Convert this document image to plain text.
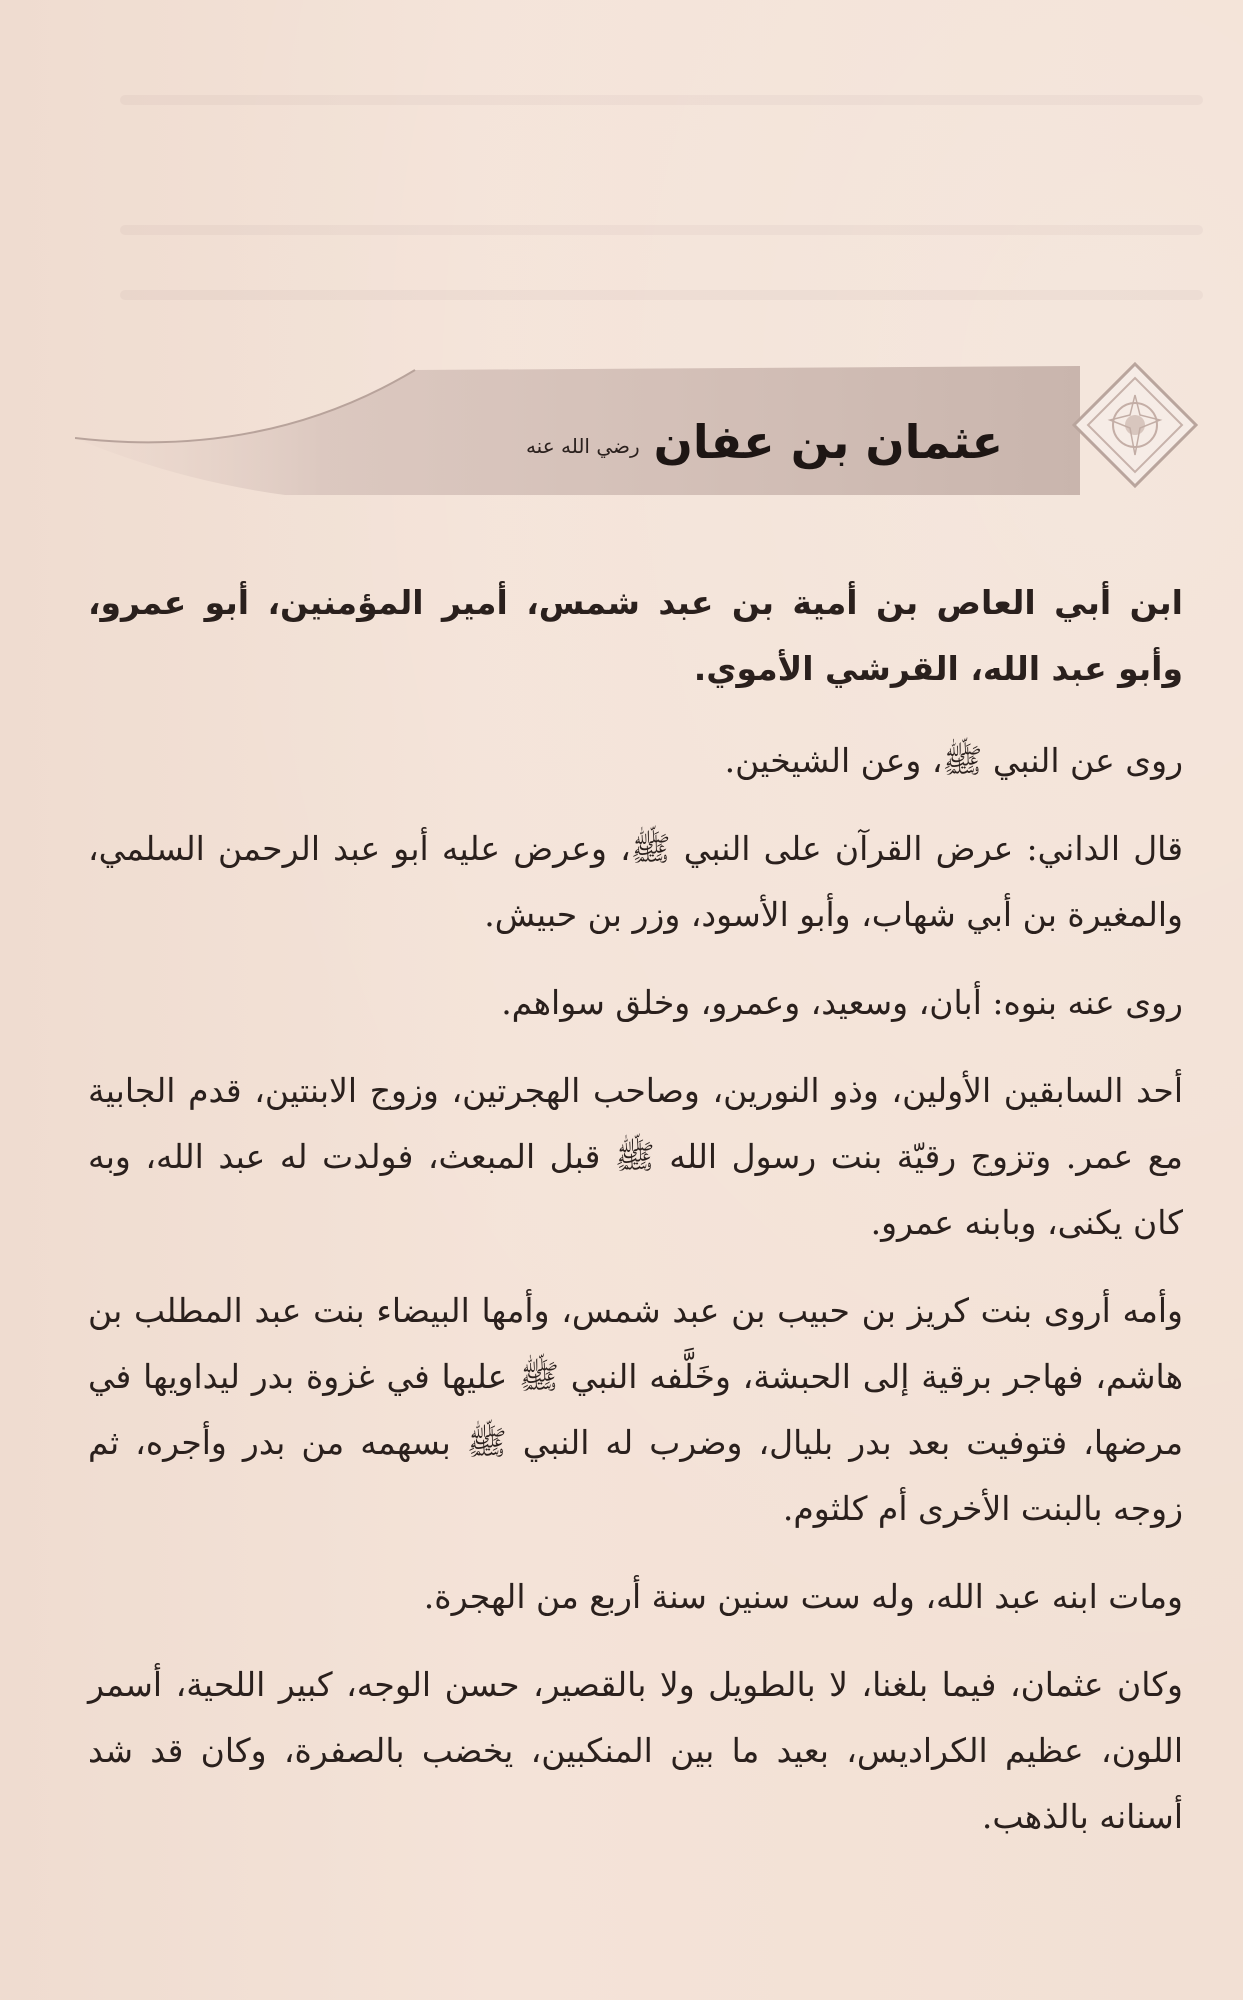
عثمان بن عفانرضي الله عنه

ابن أبي العاص بن أمية بن عبد شمس، أمير المؤمنين، أبو عمرو، وأبو عبد الله، القرشي الأموي.

روى عن النبي ﷺ، وعن الشيخين.

قال الداني: عرض القرآن على النبي ﷺ، وعرض عليه أبو عبد الرحمن السلمي، والمغيرة بن أبي شهاب، وأبو الأسود، وزر بن حبيش.

روى عنه بنوه: أبان، وسعيد، وعمرو، وخلق سواهم.

أحد السابقين الأولين، وذو النورين، وصاحب الهجرتين، وزوج الابنتين، قدم الجابية مع عمر. وتزوج رقيّة بنت رسول الله ﷺ قبل المبعث، فولدت له عبد الله، وبه كان يكنى، وبابنه عمرو.

وأمه أروى بنت كريز بن حبيب بن عبد شمس، وأمها البيضاء بنت عبد المطلب بن هاشم، فهاجر برقية إلى الحبشة، وخَلَّفه النبي ﷺ عليها في غزوة بدر ليداويها في مرضها، فتوفيت بعد بدر بليال، وضرب له النبي ﷺ بسهمه من بدر وأجره، ثم زوجه بالبنت الأخرى أم كلثوم.

ومات ابنه عبد الله، وله ست سنين سنة أربع من الهجرة.

وكان عثمان، فيما بلغنا، لا بالطويل ولا بالقصير، حسن الوجه، كبير اللحية، أسمر اللون، عظيم الكراديس، بعيد ما بين المنكبين، يخضب بالصفرة، وكان قد شد أسنانه بالذهب.
